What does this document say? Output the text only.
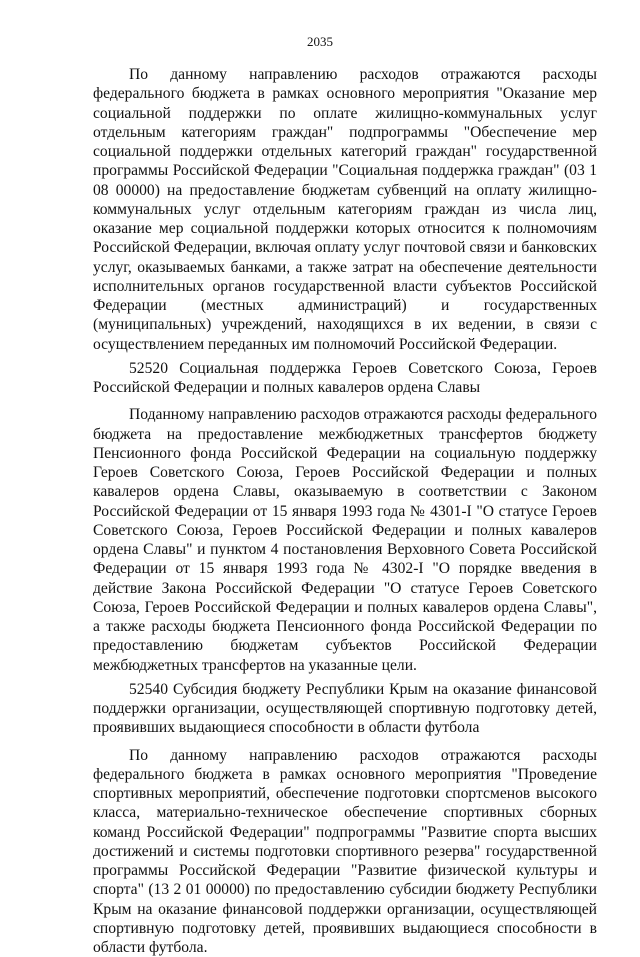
2035

По данному направлению расходов отражаются расходы федерального бюджета в рамках основного мероприятия "Оказание мер социальной поддержки по оплате жилищно-коммунальных услуг отдельным категориям граждан" подпрограммы "Обеспечение мер социальной поддержки отдельных категорий граждан" государственной программы Российской Федерации "Социальная поддержка граждан" (03 1 08 00000) на предоставление бюджетам субвенций на оплату жилищно-коммунальных услуг отдельным категориям граждан из числа лиц, оказание мер социальной поддержки которых относится к полномочиям Российской Федерации, включая оплату услуг почтовой связи и банковских услуг, оказываемых банками, а также затрат на обеспечение деятельности исполнительных органов государственной власти субъектов Российской Федерации (местных администраций) и государственных (муниципальных) учреждений, находящихся в их ведении, в связи с осуществлением переданных им полномочий Российской Федерации.

52520 Социальная поддержка Героев Советского Союза, Героев Российской Федерации и полных кавалеров ордена Славы

Поданному направлению расходов отражаются расходы федерального бюджета на предоставление межбюджетных трансфертов бюджету Пенсионного фонда Российской Федерации на социальную поддержку Героев Советского Союза, Героев Российской Федерации и полных кавалеров ордена Славы, оказываемую в соответствии с Законом Российской Федерации от 15 января 1993 года № 4301-I "О статусе Героев Советского Союза, Героев Российской Федерации и полных кавалеров ордена Славы" и пунктом 4 постановления Верховного Совета Российской Федерации от 15 января 1993 года № 4302-I "О порядке введения в действие Закона Российской Федерации "О статусе Героев Советского Союза, Героев Российской Федерации и полных кавалеров ордена Славы", а также расходы бюджета Пенсионного фонда Российской Федерации по предоставлению бюджетам субъектов Российской Федерации межбюджетных трансфертов на указанные цели.

52540 Субсидия бюджету Республики Крым на оказание финансовой поддержки организации, осуществляющей спортивную подготовку детей, проявивших выдающиеся способности в области футбола

По данному направлению расходов отражаются расходы федерального бюджета в рамках основного мероприятия "Проведение спортивных мероприятий, обеспечение подготовки спортсменов высокого класса, материально-техническое обеспечение спортивных сборных команд Российской Федерации" подпрограммы "Развитие спорта высших достижений и системы подготовки спортивного резерва" государственной программы Российской Федерации "Развитие физической культуры и спорта" (13 2 01 00000) по предоставлению субсидии бюджету Республики Крым на оказание финансовой поддержки организации, осуществляющей спортивную подготовку детей, проявивших выдающиеся способности в области футбола.
